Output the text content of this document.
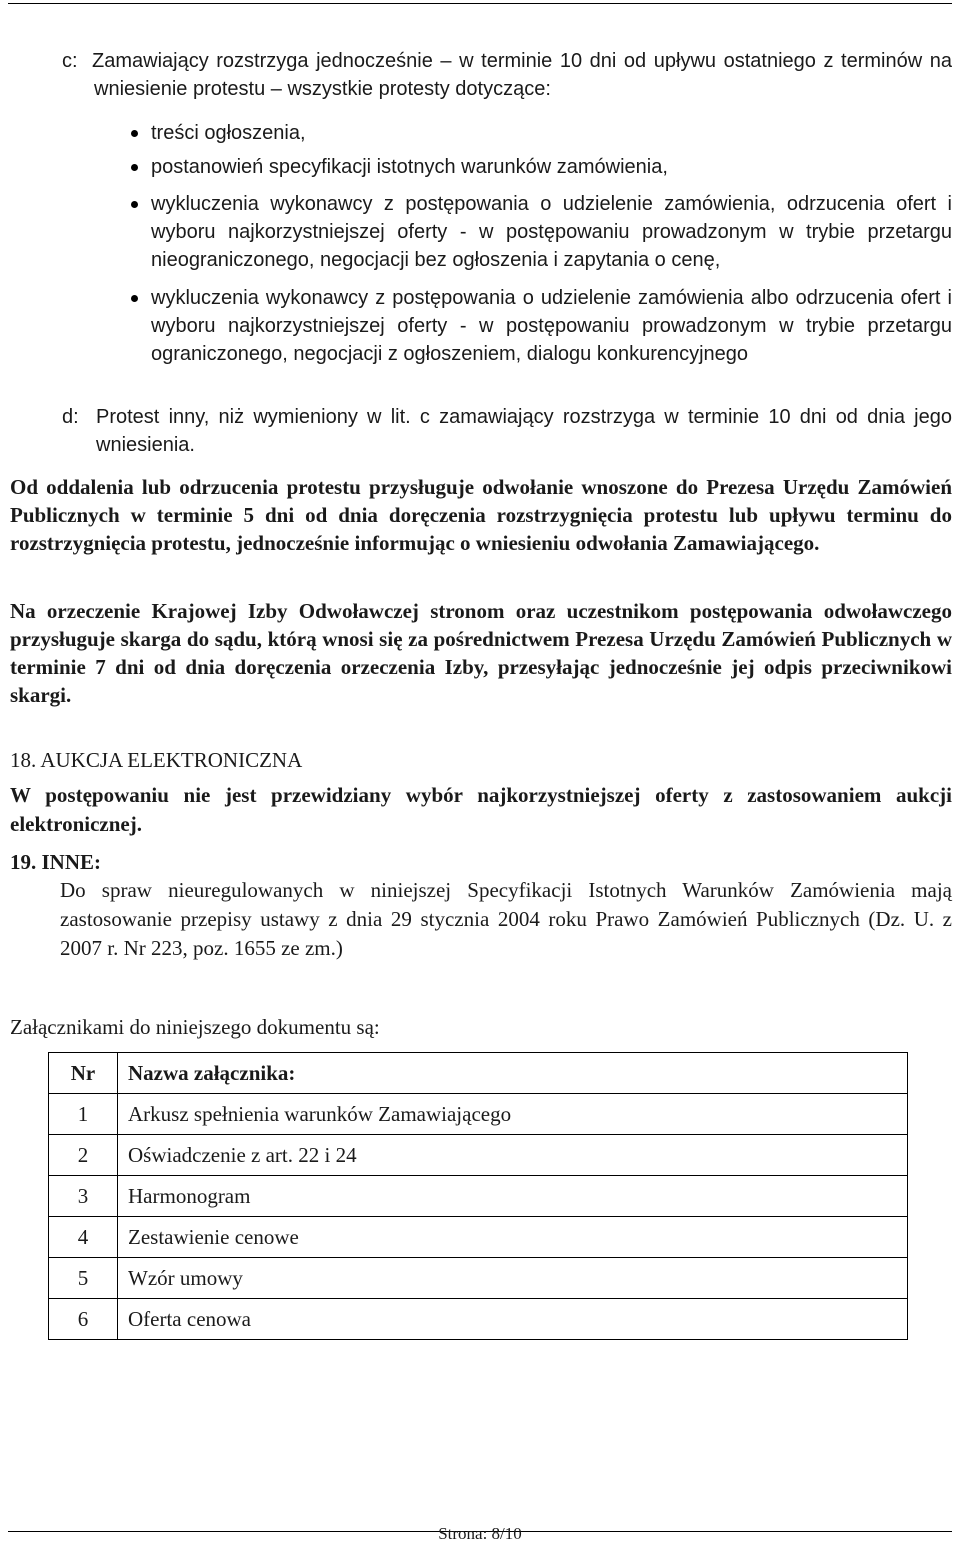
c: Zamawiający rozstrzyga jednocześnie – w terminie 10 dni od upływu ostatniego z terminów na wniesienie protestu – wszystkie protesty dotyczące:
treści ogłoszenia,
postanowień specyfikacji istotnych warunków zamówienia,
wykluczenia wykonawcy z postępowania o udzielenie zamówienia, odrzucenia ofert i wyboru najkorzystniejszej oferty - w postępowaniu prowadzonym w trybie przetargu nieograniczonego, negocjacji bez ogłoszenia i zapytania o cenę,
wykluczenia wykonawcy z postępowania o udzielenie zamówienia albo odrzucenia ofert i wyboru najkorzystniejszej oferty - w postępowaniu prowadzonym w trybie przetargu ograniczonego, negocjacji z ogłoszeniem, dialogu konkurencyjnego
d: Protest inny, niż wymieniony w lit. c zamawiający rozstrzyga w terminie 10 dni od dnia jego wniesienia.
Od oddalenia lub odrzucenia protestu przysługuje odwołanie wnoszone do Prezesa Urzędu Zamówień Publicznych w terminie 5 dni od dnia doręczenia rozstrzygnięcia protestu lub upływu terminu do rozstrzygnięcia protestu, jednocześnie informując o wniesieniu odwołania Zamawiającego.
Na orzeczenie Krajowej Izby Odwoławczej stronom oraz uczestnikom postępowania odwoławczego przysługuje skarga do sądu, którą wnosi się za pośrednictwem Prezesa Urzędu Zamówień Publicznych w terminie 7 dni od dnia doręczenia orzeczenia Izby, przesyłając jednocześnie jej odpis przeciwnikowi skargi.
18. AUKCJA ELEKTRONICZNA
W postępowaniu nie jest przewidziany wybór najkorzystniejszej oferty z zastosowaniem aukcji elektronicznej.
19. INNE:
Do spraw nieuregulowanych w niniejszej Specyfikacji Istotnych Warunków Zamówienia mają zastosowanie przepisy ustawy z dnia 29 stycznia 2004 roku Prawo Zamówień Publicznych (Dz. U. z 2007 r. Nr 223, poz. 1655 ze zm.)
Załącznikami do niniejszego dokumentu są:
Nr	Nazwa załącznika:
1	Arkusz spełnienia warunków Zamawiającego
2	Oświadczenie z art. 22 i 24
3	Harmonogram
4	Zestawienie cenowe
5	Wzór umowy
6	Oferta cenowa
Strona: 8/10
